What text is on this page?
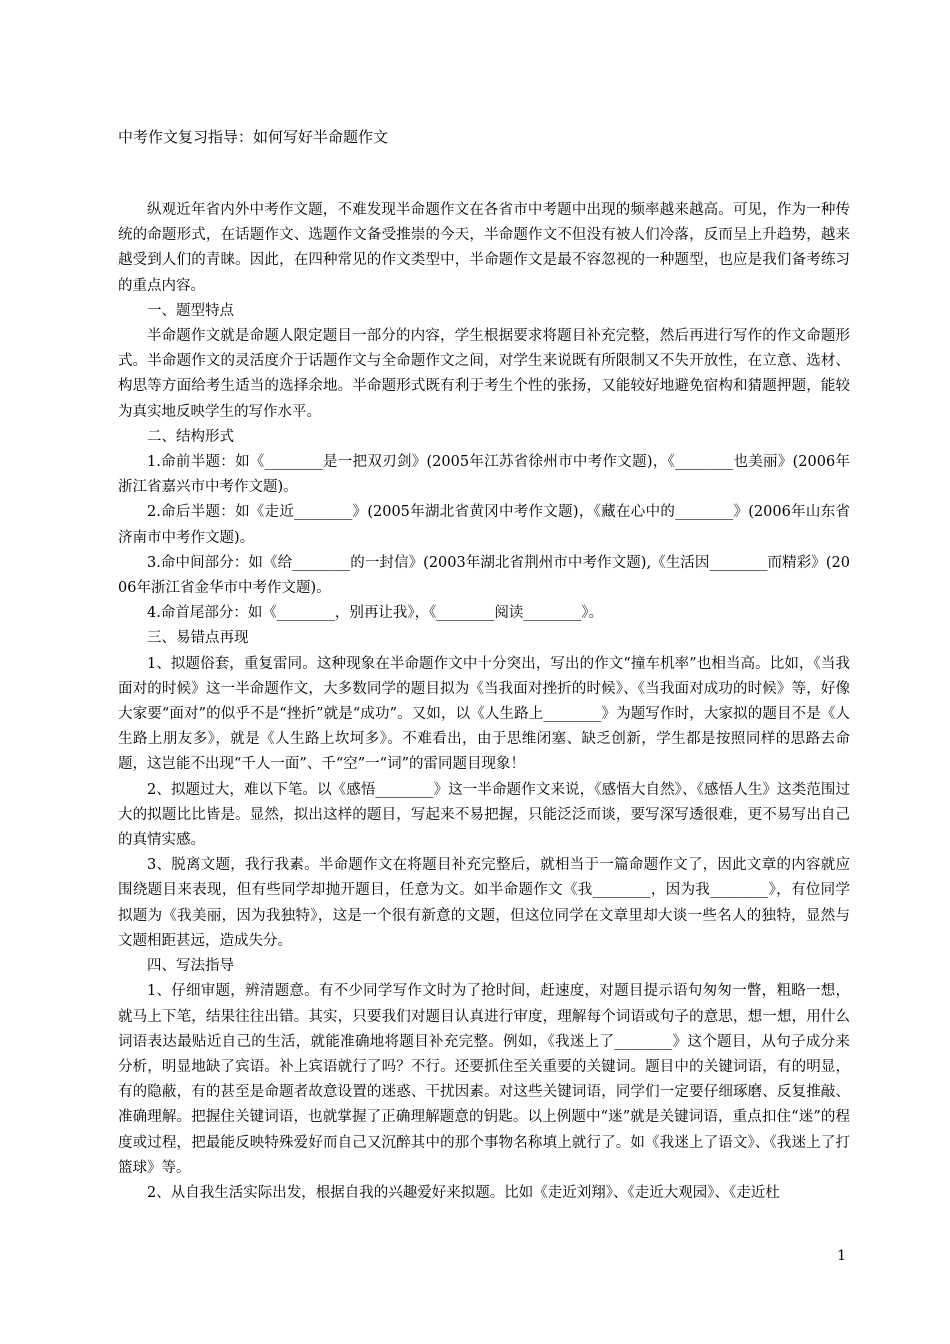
中考作文复习指导：如何写好半命题作文

纵观近年省内外中考作文题，不难发现半命题作文在各省市中考题中出现的频率越来越高。可见，作为一种传统的命题形式，在话题作文、选题作文备受推崇的今天，半命题作文不但没有被人们冷落，反而呈上升趋势，越来越受到人们的青睐。因此，在四种常见的作文类型中，半命题作文是最不容忽视的一种题型，也应是我们备考练习的重点内容。

一、题型特点

半命题作文就是命题人限定题目一部分的内容，学生根据要求将题目补充完整，然后再进行写作的作文命题形式。半命题作文的灵活度介于话题作文与全命题作文之间，对学生来说既有所限制又不失开放性，在立意、选材、构思等方面给考生适当的选择余地。半命题形式既有利于考生个性的张扬，又能较好地避免宿构和猜题押题，能较为真实地反映学生的写作水平。

二、结构形式

1.命前半题：如《________是一把双刃剑》(2005年江苏省徐州市中考作文题)，《________也美丽》(2006年浙江省嘉兴市中考作文题)。

2.命后半题：如《走近________》(2005年湖北省黄冈中考作文题)，《藏在心中的________》(2006年山东省济南市中考作文题)。

3.命中间部分：如《给________的一封信》(2003年湖北省荆州市中考作文题),《生活因________而精彩》(2006年浙江省金华市中考作文题)。

4.命首尾部分：如《________，别再让我》，《________阅读________》。

三、易错点再现

1、拟题俗套，重复雷同。这种现象在半命题作文中十分突出，写出的作文“撞车机率”也相当高。比如，《当我面对的时候》这一半命题作文，大多数同学的题目拟为《当我面对挫折的时候》、《当我面对成功的时候》等，好像大家要“面对”的似乎不是“挫折”就是“成功”。又如，以《人生路上________》为题写作时，大家拟的题目不是《人生路上朋友多》，就是《人生路上坎坷多》。不难看出，由于思维闭塞、缺乏创新，学生都是按照同样的思路去命题，这岂能不出现“千人一面”、千“空”一“词”的雷同题目现象！

2、拟题过大，难以下笔。以《感悟________》这一半命题作文来说，《感悟大自然》、《感悟人生》这类范围过大的拟题比比皆是。显然，拟出这样的题目，写起来不易把握，只能泛泛而谈，要写深写透很难，更不易写出自己的真情实感。

3、脱离文题，我行我素。半命题作文在将题目补充完整后，就相当于一篇命题作文了，因此文章的内容就应围绕题目来表现，但有些同学却抛开题目，任意为文。如半命题作文《我________，因为我________》，有位同学拟题为《我美丽，因为我独特》，这是一个很有新意的文题，但这位同学在文章里却大谈一些名人的独特，显然与文题相距甚远，造成失分。

四、写法指导

1、仔细审题，辨清题意。有不少同学写作文时为了抢时间，赶速度，对题目提示语句匆匆一瞥，粗略一想，就马上下笔，结果往往出错。其实，只要我们对题目认真进行审度，理解每个词语或句子的意思，想一想，用什么词语表达最贴近自己的生活，就能准确地将题目补充完整。例如，《我迷上了________》这个题目，从句子成分来分析，明显地缺了宾语。补上宾语就行了吗？不行。还要抓住至关重要的关键词。题目中的关键词语，有的明显，有的隐蔽，有的甚至是命题者故意设置的迷惑、干扰因素。对这些关键词语，同学们一定要仔细琢磨、反复推敲、准确理解。把握住关键词语，也就掌握了正确理解题意的钥匙。以上例题中“迷”就是关键词语，重点扣住“迷”的程度或过程，把最能反映特殊爱好而自己又沉醉其中的那个事物名称填上就行了。如《我迷上了语文》、《我迷上了打篮球》等。

2、从自我生活实际出发，根据自我的兴趣爱好来拟题。比如《走近刘翔》、《走近大观园》、《走近杜

1
